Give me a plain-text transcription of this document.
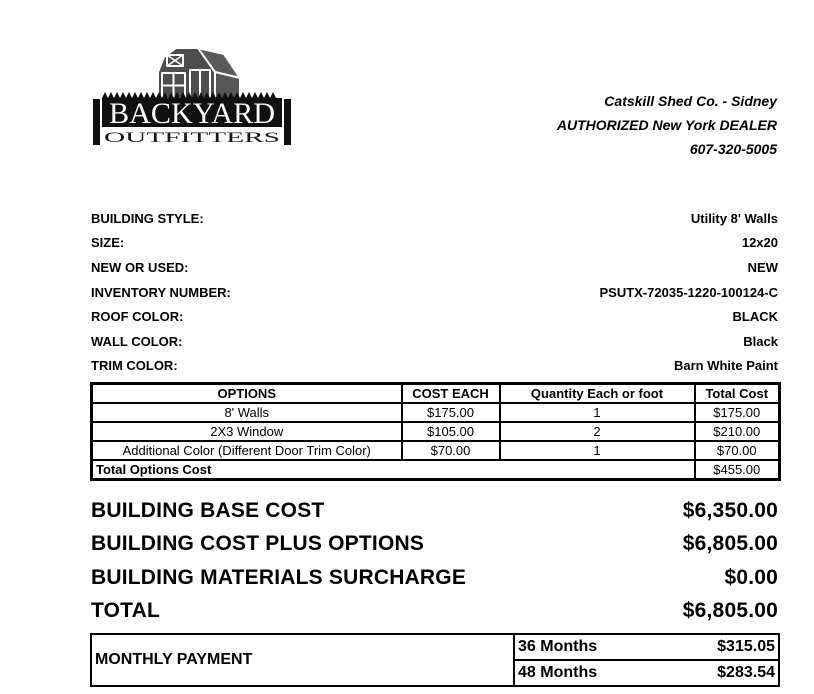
BACKYARD
OUTFITTERS
Catskill Shed Co. - Sidney
AUTHORIZED New York DEALER
607-320-5005
BUILDING STYLE:	Utility 8' Walls
SIZE:	12x20
NEW OR USED:	NEW
INVENTORY NUMBER:	PSUTX-72035-1220-100124-C
ROOF COLOR:	BLACK
WALL COLOR:	Black
TRIM COLOR:	Barn White Paint
OPTIONS	COST EACH	Quantity Each or foot	Total Cost
8' Walls	$175.00	1	$175.00
2X3 Window	$105.00	2	$210.00
Additional Color (Different Door Trim Color)	$70.00	1	$70.00
Total Options Cost			$455.00
BUILDING BASE COST	$6,350.00
BUILDING COST PLUS OPTIONS	$6,805.00
BUILDING MATERIALS SURCHARGE	$0.00
TOTAL	$6,805.00
MONTHLY PAYMENT	36 Months	$315.05
	48 Months	$283.54
